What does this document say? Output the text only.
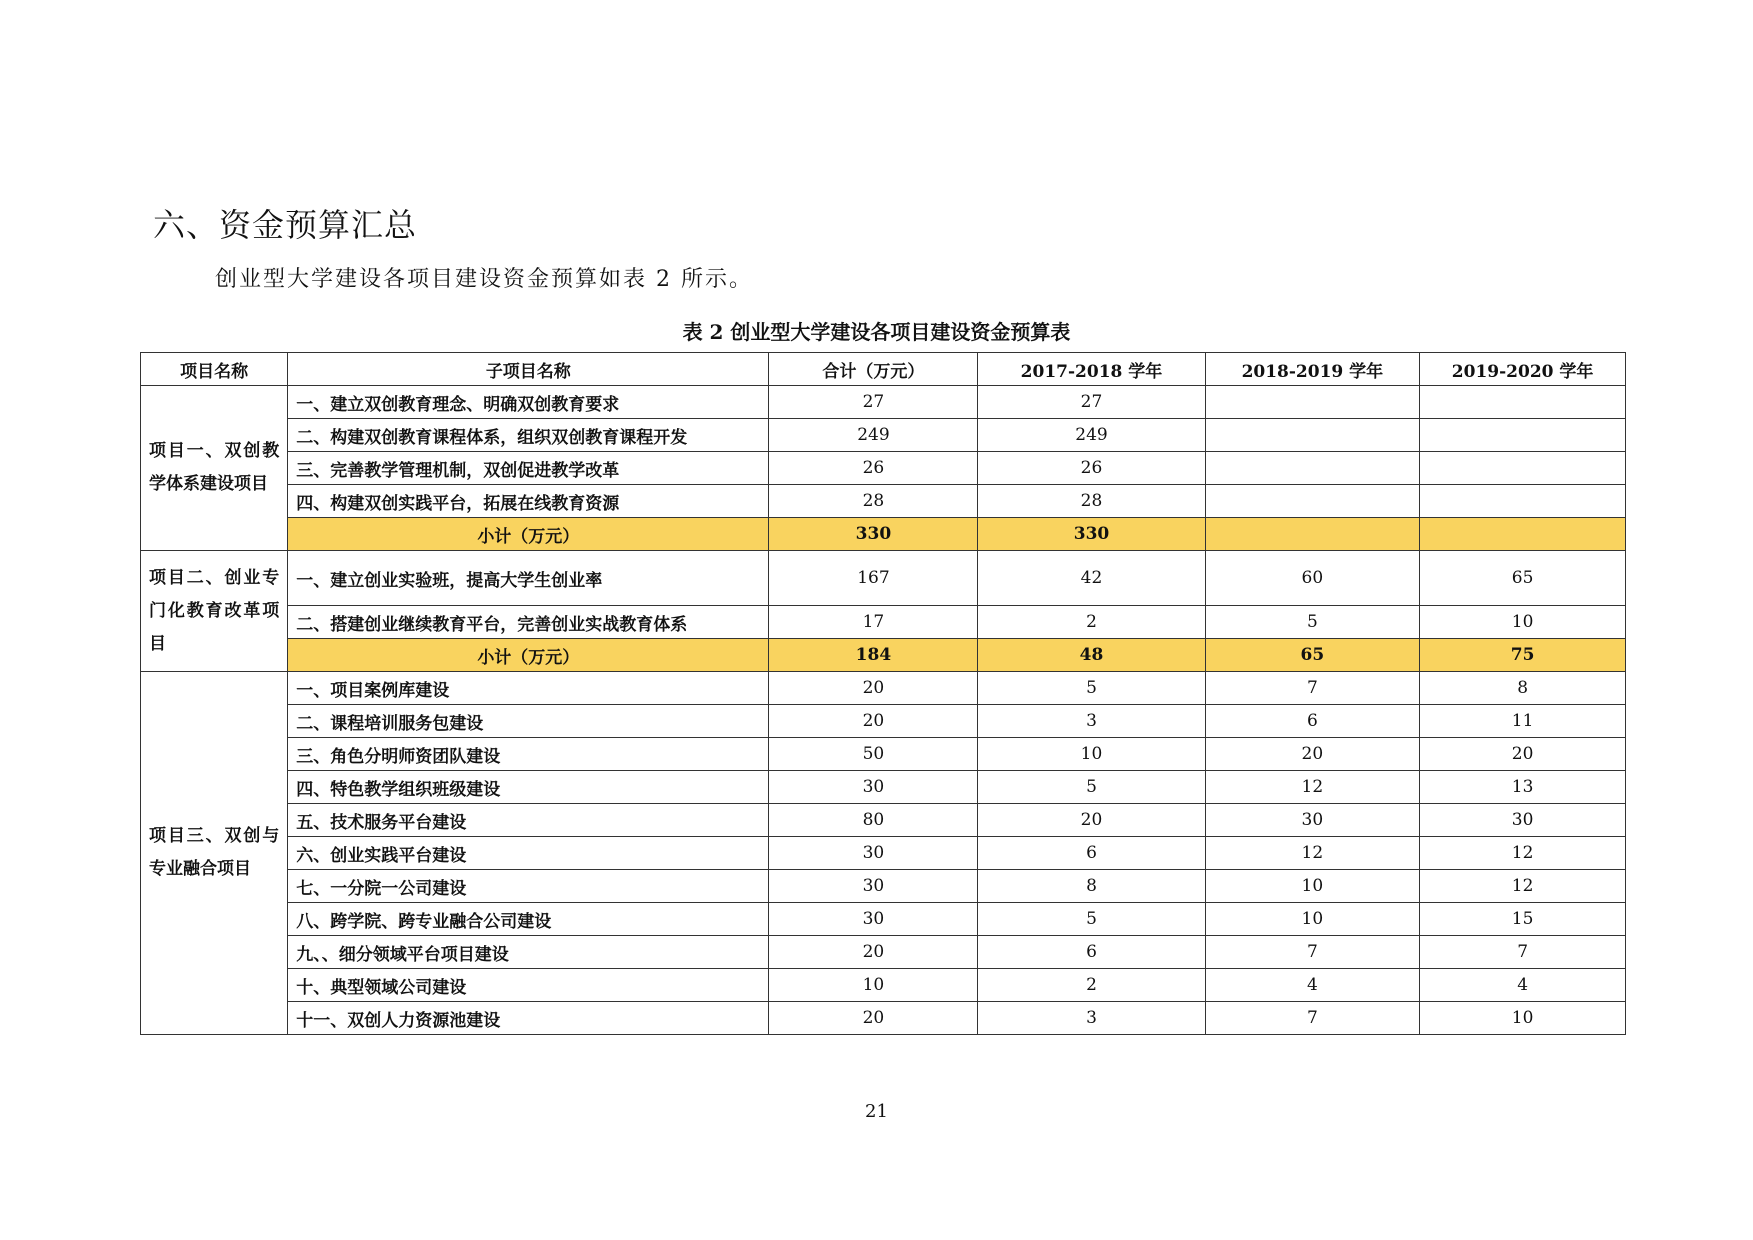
六、资金预算汇总
创业型大学建设各项目建设资金预算如表 2 所示。
表 2 创业型大学建设各项目建设资金预算表
项目名称	子项目名称	合计（万元）	2017-2018 学年	2018-2019 学年	2019-2020 学年
项目一、双创教学体系建设项目	一、建立双创教育理念、明确双创教育要求	27	27		
	二、构建双创教育课程体系，组织双创教育课程开发	249	249		
	三、完善教学管理机制，双创促进教学改革	26	26		
	四、构建双创实践平台，拓展在线教育资源	28	28		
	小计（万元）	330	330		
项目二、创业专门化教育改革项目	一、建立创业实验班，提高大学生创业率	167	42	60	65
	二、搭建创业继续教育平台，完善创业实战教育体系	17	2	5	10
	小计（万元）	184	48	65	75
项目三、双创与专业融合项目	一、项目案例库建设	20	5	7	8
	二、课程培训服务包建设	20	3	6	11
	三、角色分明师资团队建设	50	10	20	20
	四、特色教学组织班级建设	30	5	12	13
	五、技术服务平台建设	80	20	30	30
	六、创业实践平台建设	30	6	12	12
	七、一分院一公司建设	30	8	10	12
	八、跨学院、跨专业融合公司建设	30	5	10	15
	九、、细分领域平台项目建设	20	6	7	7
	十、典型领域公司建设	10	2	4	4
	十一、双创人力资源池建设	20	3	7	10
21
